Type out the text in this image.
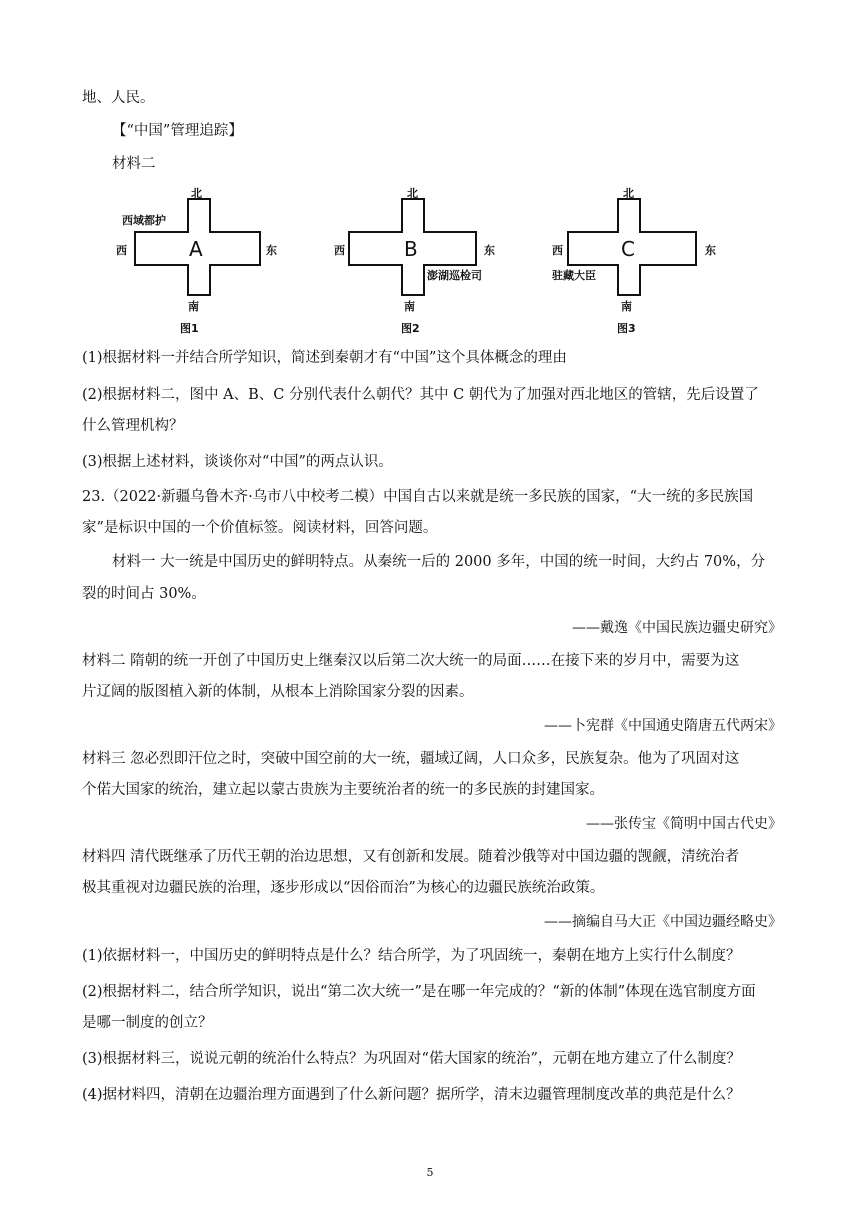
地、人民。
【“中国”管理追踪】
材料二
北
西	东
南
西域都护
A
图1
北
西	东
南
澎湖巡检司
B
图2
北
西	东
南
驻藏大臣
C
图3
(1)根据材料一并结合所学知识，简述到秦朝才有“中国”这个具体概念的理由
(2)根据材料二，图中 A、B、C 分别代表什么朝代？其中 C 朝代为了加强对西北地区的管辖，先后设置了
什么管理机构？
(3)根据上述材料，谈谈你对“中国”的两点认识。
23.（2022·新疆乌鲁木齐·乌市八中校考二模）中国自古以来就是统一多民族的国家，“大一统的多民族国
家”是标识中国的一个价值标签。阅读材料，回答问题。
材料一 大一统是中国历史的鲜明特点。从秦统一后的 2000 多年，中国的统一时间，大约占 70%，分
裂的时间占 30%。
——戴逸《中国民族边疆史研究》
材料二 隋朝的统一开创了中国历史上继秦汉以后第二次大统一的局面……在接下来的岁月中，需要为这
片辽阔的版图植入新的体制，从根本上消除国家分裂的因素。
——卜宪群《中国通史隋唐五代两宋》
材料三 忽必烈即汗位之时，突破中国空前的大一统，疆域辽阔，人口众多，民族复杂。他为了巩固对这
个偌大国家的统治，建立起以蒙古贵族为主要统治者的统一的多民族的封建国家。
——张传宝《简明中国古代史》
材料四 清代既继承了历代王朝的治边思想，又有创新和发展。随着沙俄等对中国边疆的觊觎，清统治者
极其重视对边疆民族的治理，逐步形成以“因俗而治”为核心的边疆民族统治政策。
——摘编自马大正《中国边疆经略史》
(1)依据材料一，中国历史的鲜明特点是什么？结合所学，为了巩固统一，秦朝在地方上实行什么制度？
(2)根据材料二，结合所学知识，说出“第二次大统一”是在哪一年完成的？“新的体制”体现在选官制度方面
是哪一制度的创立？
(3)根据材料三，说说元朝的统治什么特点？为巩固对“偌大国家的统治”，元朝在地方建立了什么制度？
(4)据材料四，清朝在边疆治理方面遇到了什么新问题？据所学，清末边疆管理制度改革的典范是什么？
5
